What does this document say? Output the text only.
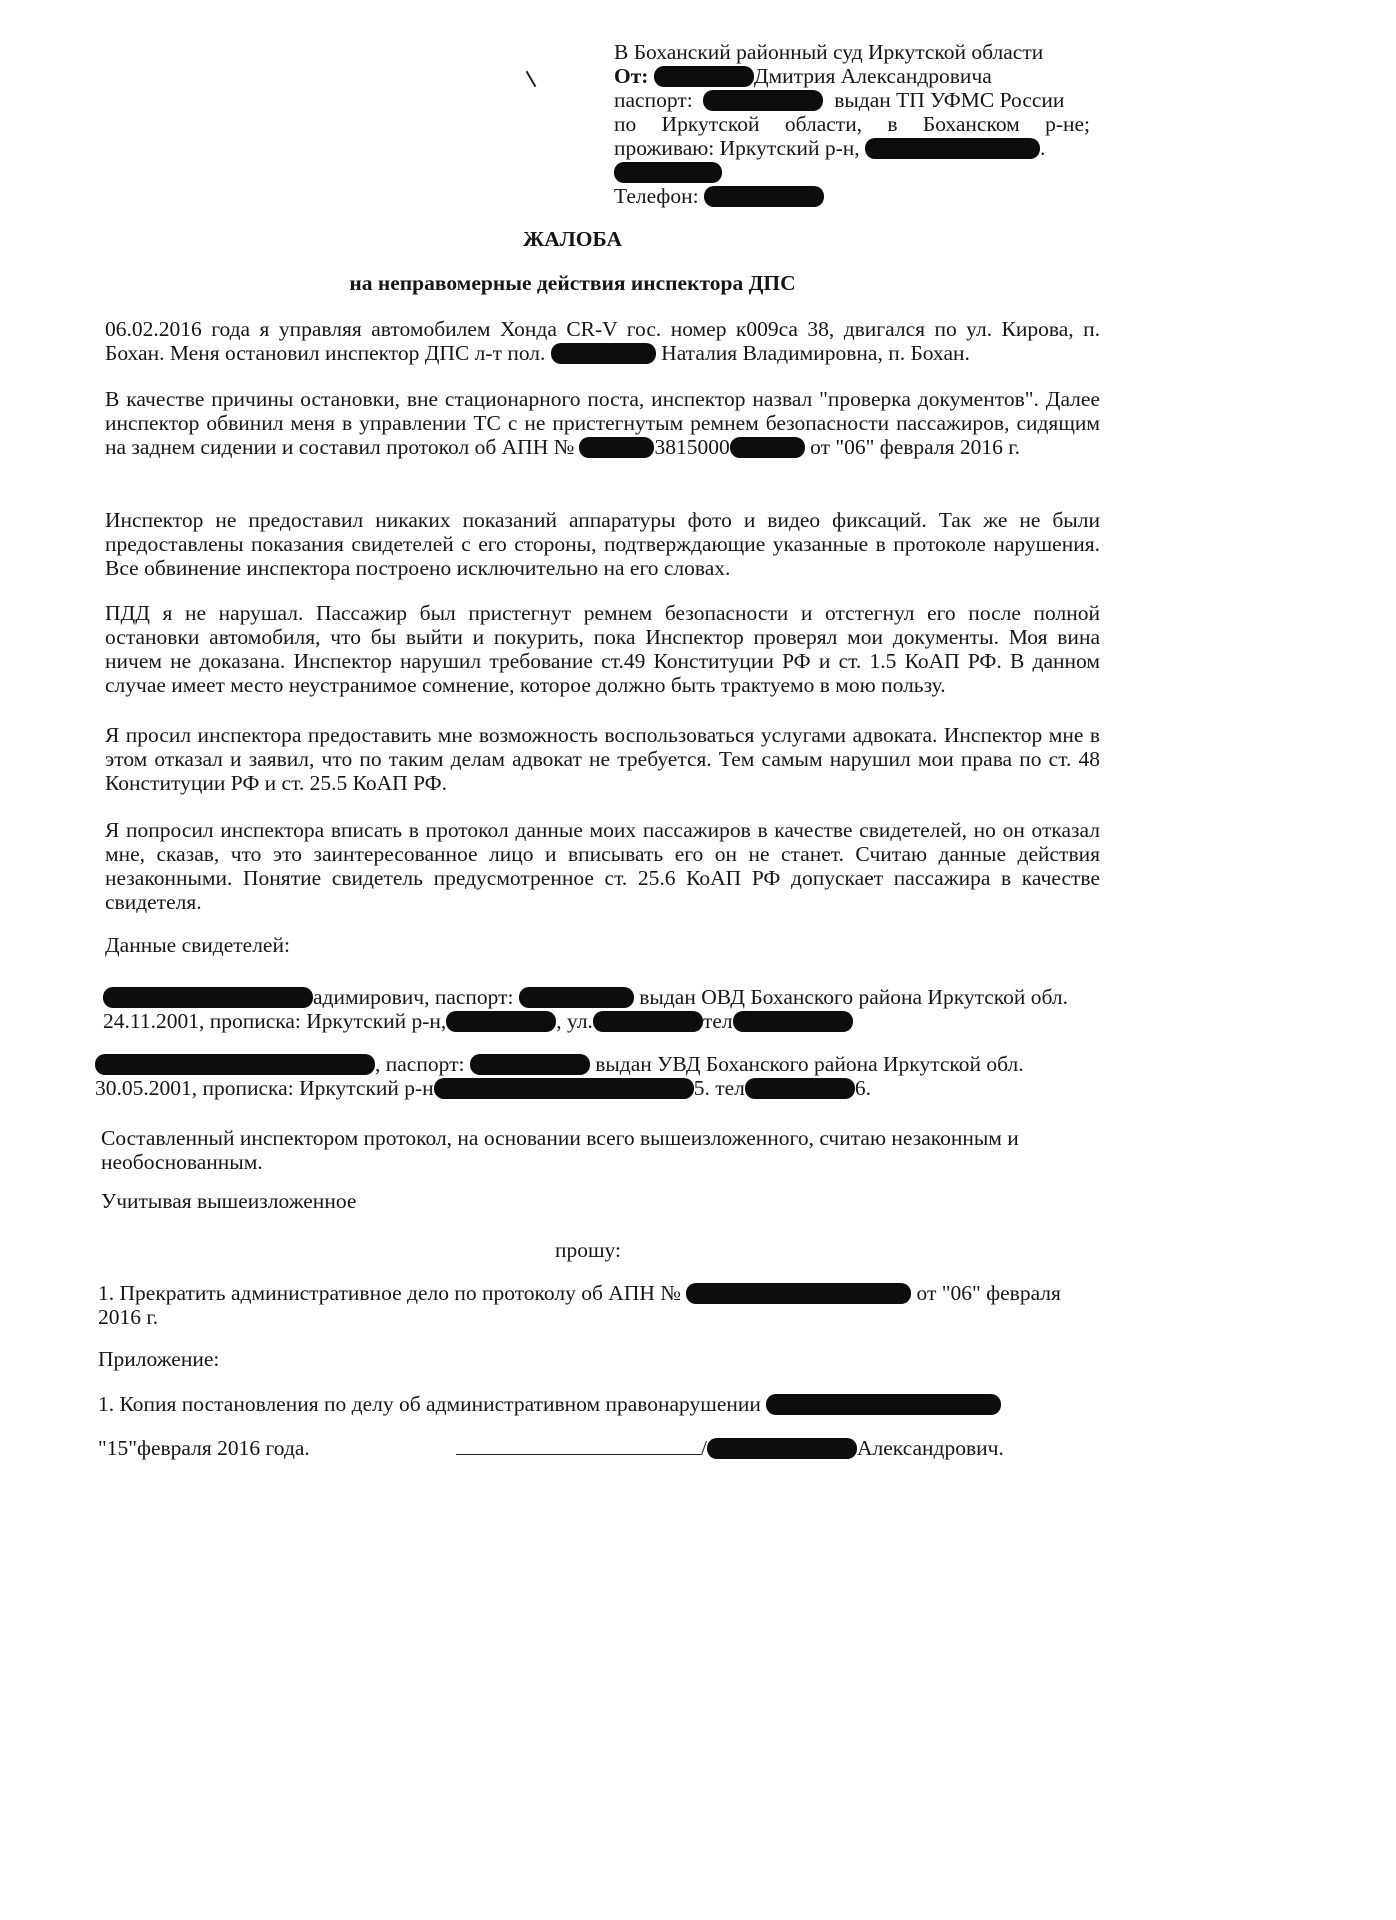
В Боханский районный суд Иркутской области
От:	Дмитрия Александровича
паспорт:	выдан ТП УФМС России
по Иркутской области, в Боханском р-не;
проживаю: Иркутский р-н,	.
Телефон:
ЖАЛОБА
на неправомерные действия инспектора ДПС
06.02.2016 года я управляя автомобилем Хонда CR-V гос. номер к009са 38, двигался по ул. Кирова, п. Бохан. Меня остановил инспектор ДПС л-т пол.	Наталия Владимировна, п. Бохан.
В качестве причины остановки, вне стационарного поста, инспектор назвал "проверка документов". Далее инспектор обвинил меня в управлении ТС с не пристегнутым ремнем безопасности пассажиров, сидящим на заднем сидении и составил протокол об АПН №	3815000	от "06" февраля 2016 г.
Инспектор не предоставил никаких показаний аппаратуры фото и видео фиксаций. Так же не были предоставлены показания свидетелей с его стороны, подтверждающие указанные в протоколе нарушения. Все обвинение инспектора построено исключительно на его словах.
ПДД я не нарушал. Пассажир был пристегнут ремнем безопасности и отстегнул его после полной остановки автомобиля, что бы выйти и покурить, пока Инспектор проверял мои документы. Моя вина ничем не доказана. Инспектор нарушил требование ст.49 Конституции РФ и ст. 1.5 КоАП РФ. В данном случае имеет место неустранимое сомнение, которое должно быть трактуемо в мою пользу.
Я просил инспектора предоставить мне возможность воспользоваться услугами адвоката. Инспектор мне в этом отказал и заявил, что по таким делам адвокат не требуется. Тем самым нарушил мои права по ст. 48 Конституции РФ и ст. 25.5 КоАП РФ.
Я попросил инспектора вписать в протокол данные моих пассажиров в качестве свидетелей, но он отказал мне, сказав, что это заинтересованное лицо и вписывать его он не станет. Считаю данные действия незаконными. Понятие свидетель предусмотренное ст. 25.6 КоАП РФ допускает пассажира в качестве свидетеля.
Данные свидетелей:
адимирович, паспорт:	выдан ОВД Боханского района Иркутской обл. 24.11.2001, прописка: Иркутский р-н,	, ул.	тел
, паспорт:	выдан УВД Боханского района Иркутской обл. 30.05.2001, прописка: Иркутский р-н	5. тел	6.
Составленный инспектором протокол, на основании всего вышеизложенного, считаю незаконным и необоснованным.
Учитывая вышеизложенное
прошу:
1. Прекратить административное дело по протоколу об АПН №	от "06" февраля 2016 г.
Приложение:
1. Копия постановления по делу об административном правонарушении
"15"февраля 2016 года.	/	Александрович.
